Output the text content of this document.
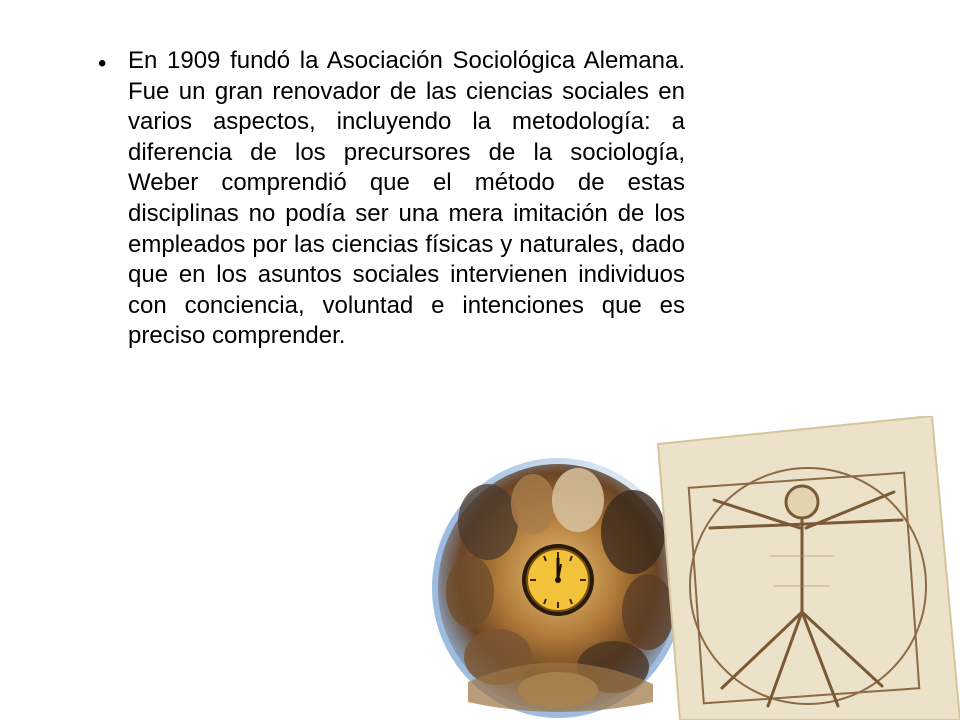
• En 1909 fundó la Asociación Sociológica Alemana. Fue un gran renovador de las ciencias sociales en varios aspectos, incluyendo la metodología: a diferencia de los precursores de la sociología, Weber comprendió que el método de estas disciplinas no podía ser una mera imitación de los empleados por las ciencias físicas y naturales, dado que en los asuntos sociales intervienen individuos con conciencia, voluntad e intenciones que es preciso comprender.
